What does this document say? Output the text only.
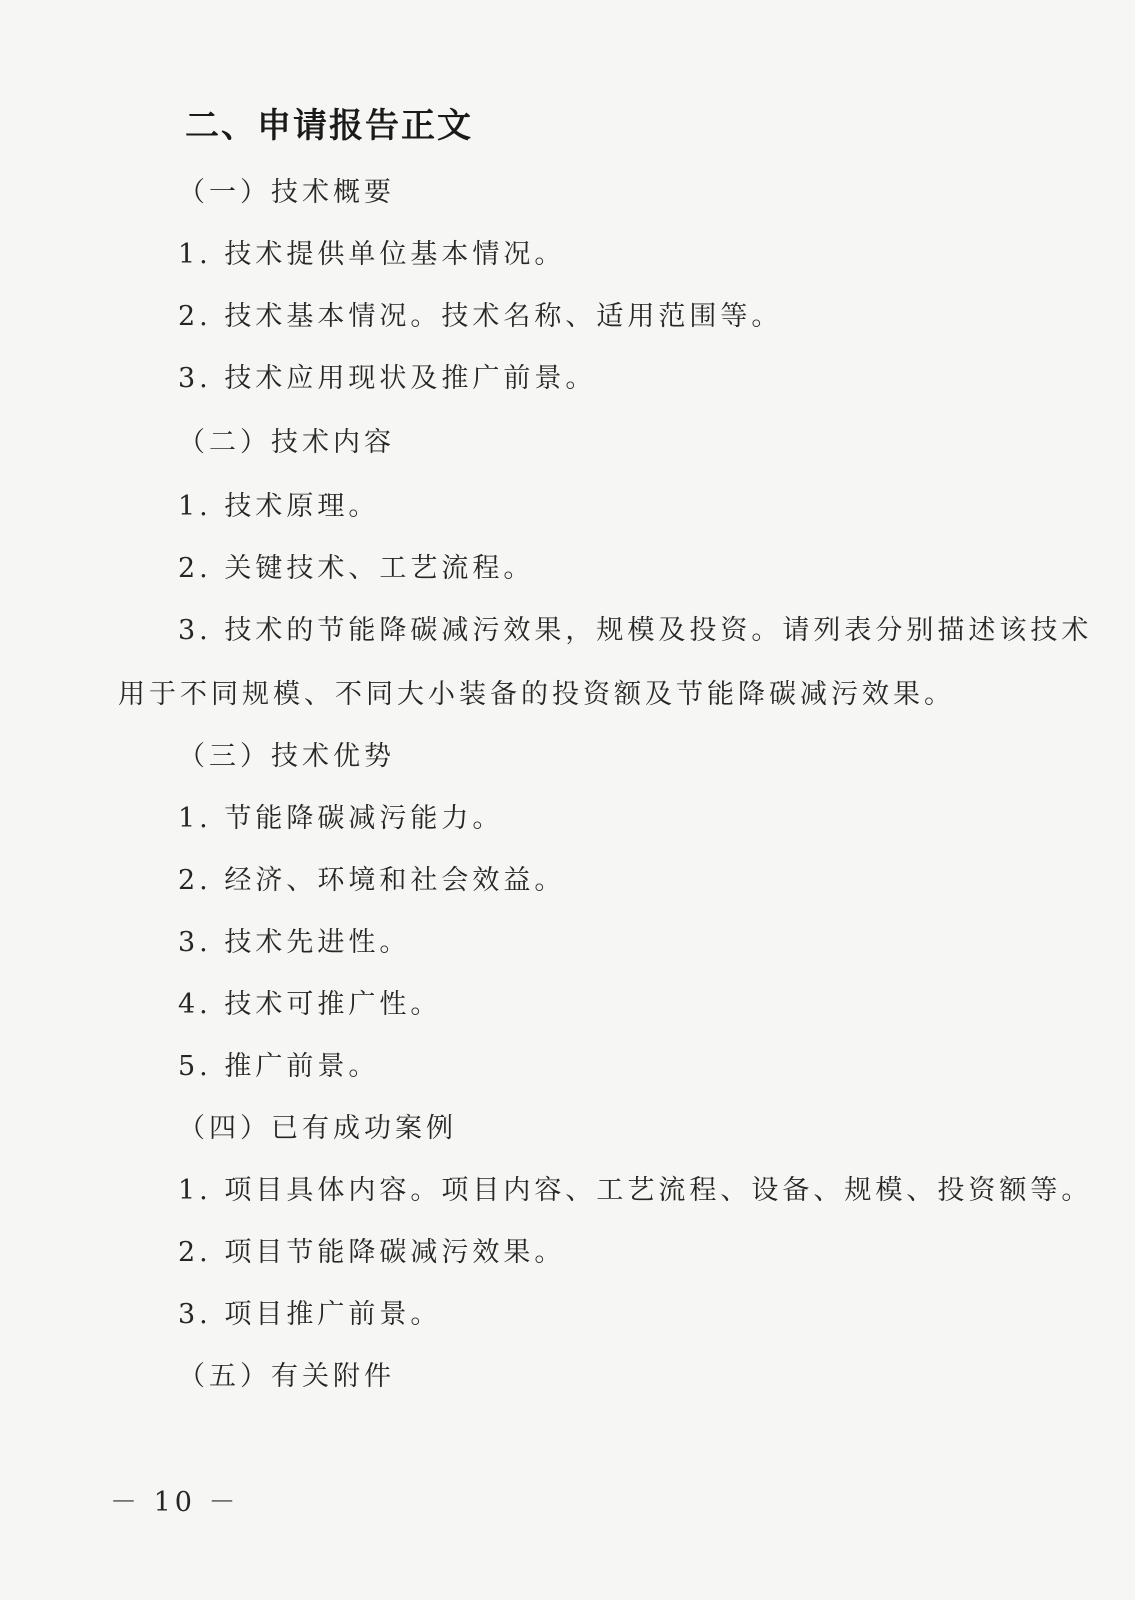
二、申请报告正文
（一）技术概要
1. 技术提供单位基本情况。
2. 技术基本情况。技术名称、适用范围等。
3. 技术应用现状及推广前景。
（二）技术内容
1. 技术原理。
2. 关键技术、工艺流程。
3. 技术的节能降碳减污效果，规模及投资。请列表分别描述该技术
用于不同规模、不同大小装备的投资额及节能降碳减污效果。
（三）技术优势
1. 节能降碳减污能力。
2. 经济、环境和社会效益。
3. 技术先进性。
4. 技术可推广性。
5. 推广前景。
（四）已有成功案例
1. 项目具体内容。项目内容、工艺流程、设备、规模、投资额等。
2. 项目节能降碳减污效果。
3. 项目推广前景。
（五）有关附件
－ 10 －
